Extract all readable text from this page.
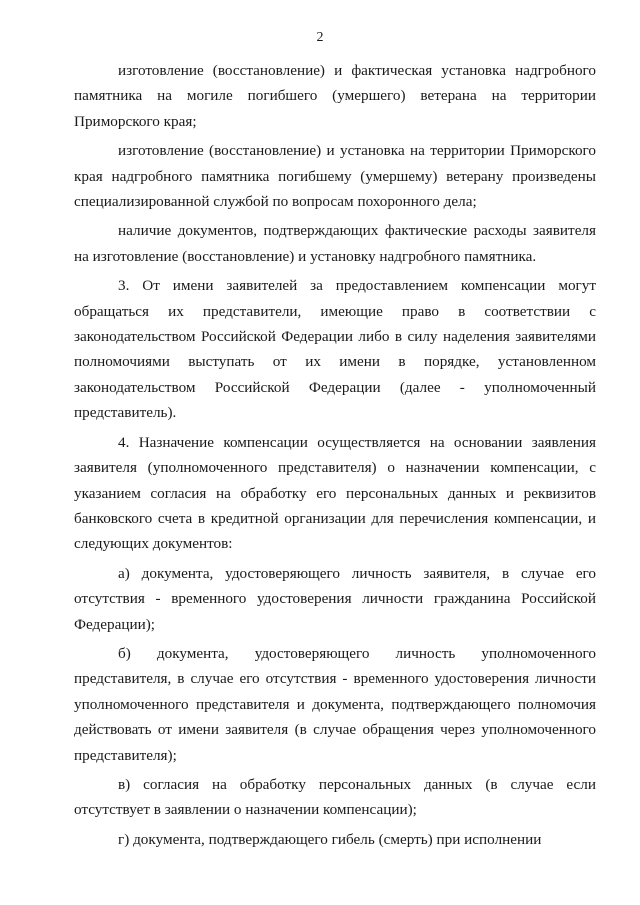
2

изготовление (восстановление) и фактическая установка надгробного памятника на могиле погибшего (умершего) ветерана на территории Приморского края;

изготовление (восстановление) и установка на территории Приморского края надгробного памятника погибшему (умершему) ветерану произведены специализированной службой по вопросам похоронного дела;

наличие документов, подтверждающих фактические расходы заявителя на изготовление (восстановление) и установку надгробного памятника.

3. От имени заявителей за предоставлением компенсации могут обращаться их представители, имеющие право в соответствии с законодательством Российской Федерации либо в силу наделения заявителями полномочиями выступать от их имени в порядке, установленном законодательством Российской Федерации (далее - уполномоченный представитель).

4. Назначение компенсации осуществляется на основании заявления заявителя (уполномоченного представителя) о назначении компенсации, с указанием согласия на обработку его персональных данных и реквизитов банковского счета в кредитной организации для перечисления компенсации, и следующих документов:

а) документа, удостоверяющего личность заявителя, в случае его отсутствия - временного удостоверения личности гражданина Российской Федерации);

б) документа, удостоверяющего личность уполномоченного представителя, в случае его отсутствия - временного удостоверения личности уполномоченного представителя и документа, подтверждающего полномочия действовать от имени заявителя (в случае обращения через уполномоченного представителя);

в) согласия на обработку персональных данных (в случае если отсутствует в заявлении о назначении компенсации);

г) документа, подтверждающего гибель (смерть) при исполнении
